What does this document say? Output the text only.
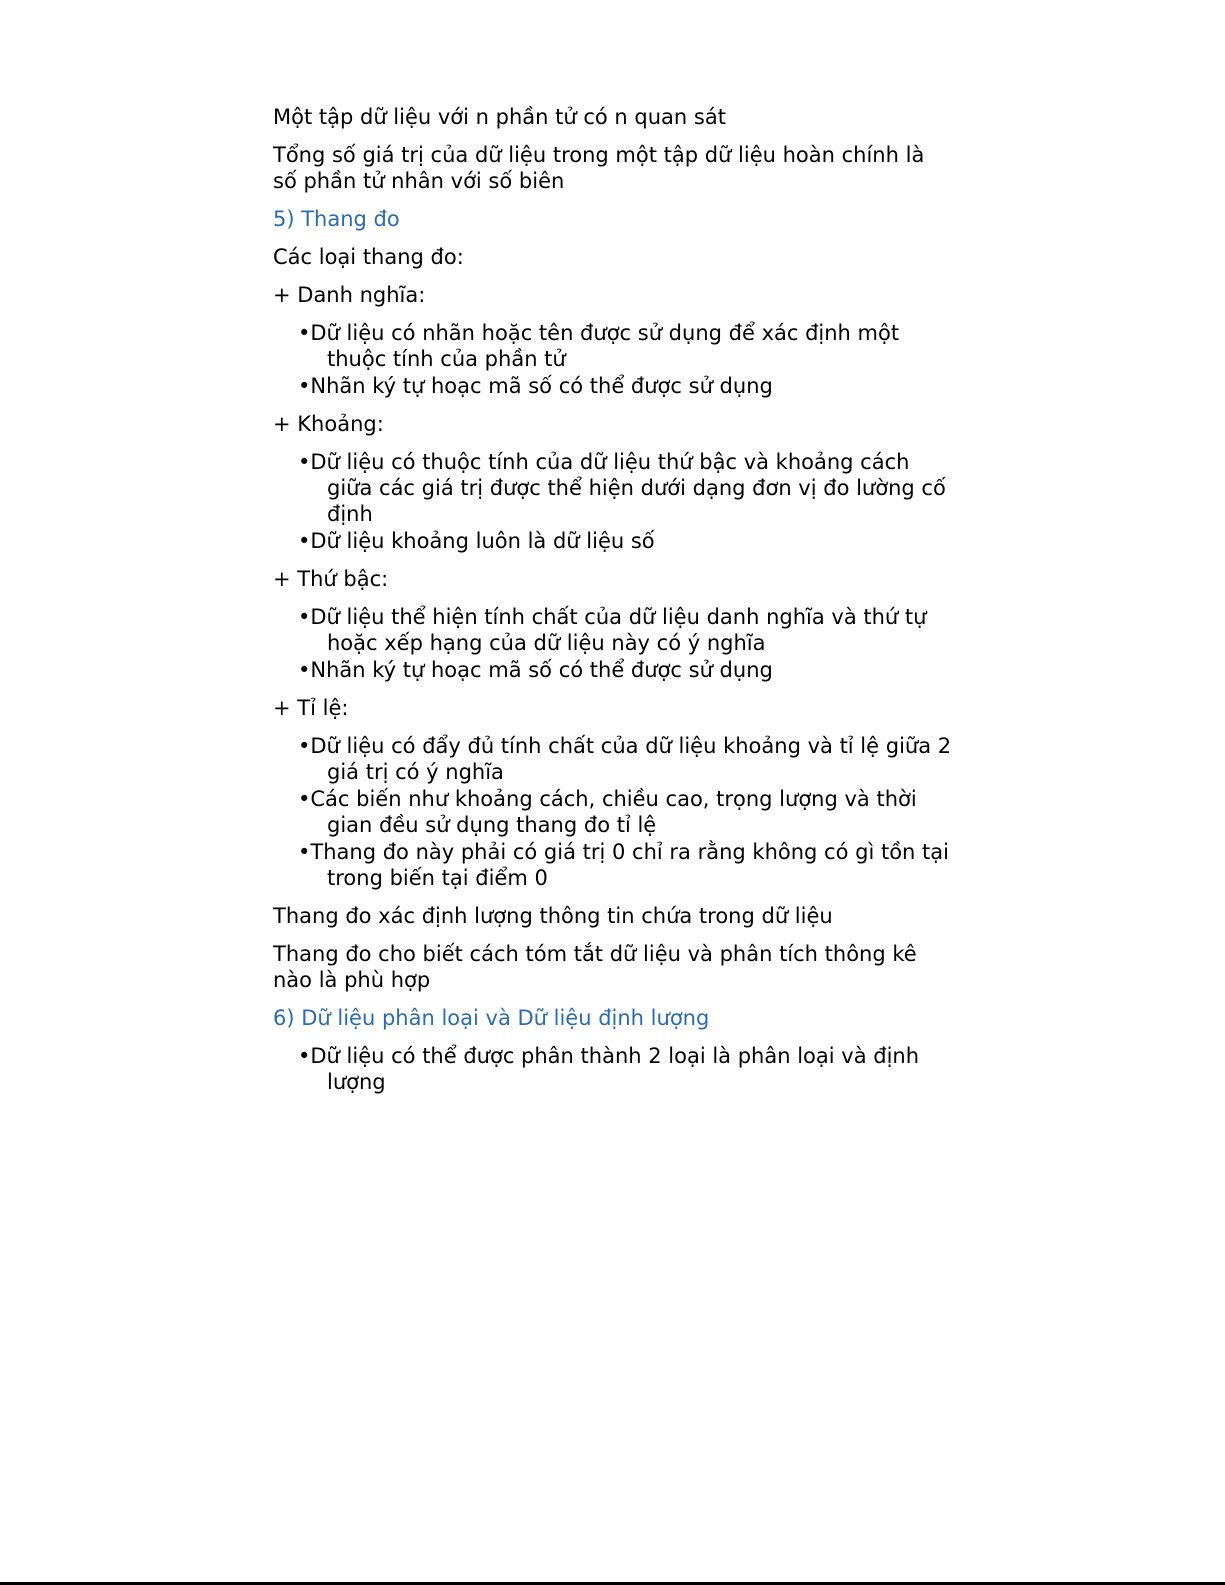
Một tập dữ liệu với n phần tử có n quan sát

Tổng số giá trị của dữ liệu trong một tập dữ liệu hoàn chính là số phần tử nhân với số biên

5) Thang đo

Các loại thang đo:

+ Danh nghĩa:

•Dữ liệu có nhãn hoặc tên được sử dụng để xác định một thuộc tính của phần tử
•Nhãn ký tự hoạc mã số có thể được sử dụng

+ Khoảng:

•Dữ liệu có thuộc tính của dữ liệu thứ bậc và khoảng cách giữa các giá trị được thể hiện dưới dạng đơn vị đo lường cố định
•Dữ liệu khoảng luôn là dữ liệu số

+ Thứ bậc:

•Dữ liệu thể hiện tính chất của dữ liệu danh nghĩa và thứ tự hoặc xếp hạng của dữ liệu này có ý nghĩa
•Nhãn ký tự hoạc mã số có thể được sử dụng

+ Tỉ lệ:

•Dữ liệu có đẩy đủ tính chất của dữ liệu khoảng và tỉ lệ giữa 2 giá trị có ý nghĩa
•Các biến như khoảng cách, chiều cao, trọng lượng và thời gian đều sử dụng thang đo tỉ lệ
•Thang đo này phải có giá trị 0 chỉ ra rằng không có gì tồn tại trong biến tại điểm 0

Thang đo xác định lượng thông tin chứa trong dữ liệu

Thang đo cho biết cách tóm tắt dữ liệu và phân tích thông kê nào là phù hợp

6) Dữ liệu phân loại và Dữ liệu định lượng

•Dữ liệu có thể được phân thành 2 loại là phân loại và định lượng
